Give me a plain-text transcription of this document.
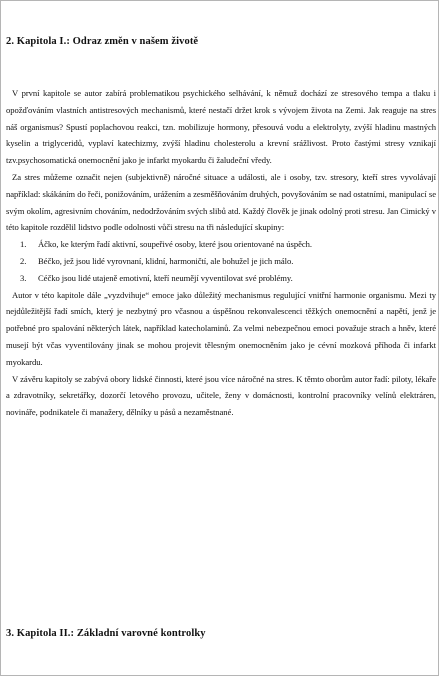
2. Kapitola I.: Odraz změn v našem životě

V první kapitole se autor zabírá problematikou psychického selhávání, k němuž dochází ze stresového tempa a tlaku i opožďováním vlastních antistresových mechanismů, které nestačí držet krok s vývojem života na Zemi. Jak reaguje na stres náš organismus? Spustí poplachovou reakci, tzn. mobilizuje hormony, přesouvá vodu a elektrolyty, zvýší hladinu mastných kyselin a triglyceridů, vyplaví katechizmy, zvýší hladinu cholesterolu a krevní srážlivost. Proto častými stresy vznikají tzv.psychosomatická onemocnění jako je infarkt myokardu či žaludeční vředy.

Za stres můžeme označit nejen (subjektivně) náročné situace a události, ale i osoby, tzv. stresory, kteří stres vyvolávají například: skákáním do řeči, ponižováním, urážením a zesměšňováním druhých, povyšováním se nad ostatními, manipulací se svým okolím, agresivním chováním, nedodržováním svých slibů atd. Každý člověk je jinak odolný proti stresu. Jan Cimický v této kapitole rozdělil lidstvo podle odolnosti vůči stresu na tři následující skupiny:

1. Áčko, ke kterým řadí aktivní, soupeřivé osoby, které jsou orientované na úspěch.
2. Béčko, jež jsou lidé vyrovnaní, klidní, harmoničtí, ale bohužel je jich málo.
3. Céčko jsou lidé utajeně emotivní, kteří neumějí vyventilovat své problémy.

Autor v této kapitole dále „vyzdvihuje“ emoce jako důležitý mechanismus regulující vnitřní harmonie organismu. Mezi ty nejdůležitější řadí smích, který je nezbytný pro včasnou a úspěšnou rekonvalescenci těžkých onemocnění a napětí, jenž je potřebné pro spalování některých látek, například katecholaminů. Za velmi nebezpečnou emoci považuje strach a hněv, které musejí být včas vyventilovány jinak se mohou projevit tělesným onemocněním jako je cévní mozková příhoda či infarkt myokardu.

V závěru kapitoly se zabývá obory lidské činnosti, které jsou více náročné na stres. K těmto oborům autor řadí: piloty, lékaře a zdravotníky, sekretářky, dozorčí letového provozu, učitele, ženy v domácnosti, kontrolní pracovníky velínů elektráren, novináře, podnikatele či manažery, dělníky u pásů a nezaměstnané.

3. Kapitola II.: Základní varovné kontrolky
